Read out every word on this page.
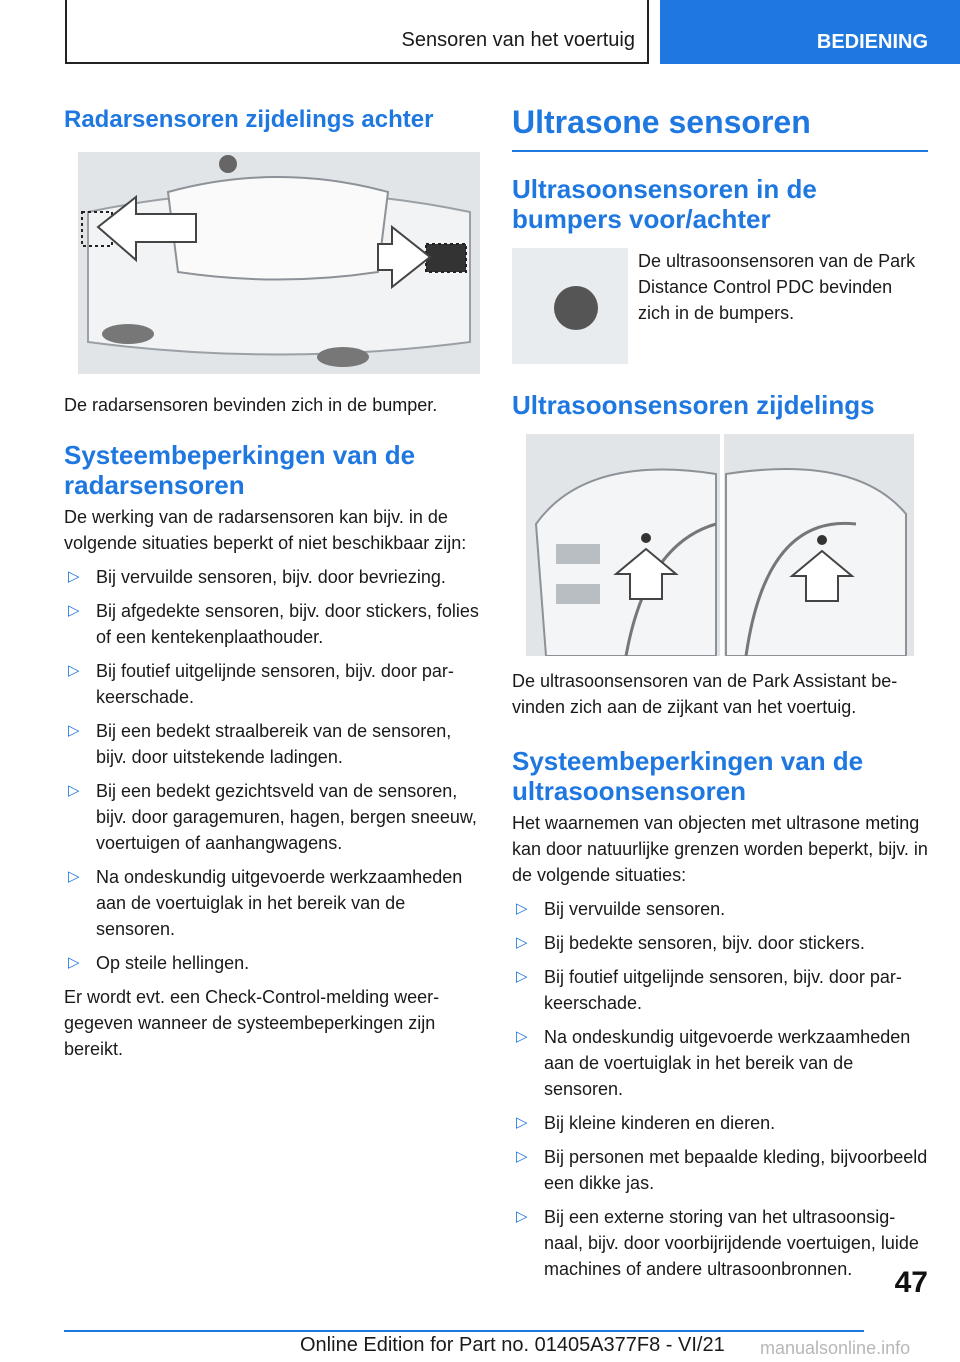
Sensoren van het voertuig	BEDIENING
Radarsensoren zijdelings achter

De radarsensoren bevinden zich in de bumper.

Systeembeperkingen van de radarsensoren

De werking van de radarsensoren kan bijv. in de volgende situaties beperkt of niet beschikbaar zijn:

▷ Bij vervuilde sensoren, bijv. door bevriezing.
▷ Bij afgedekte sensoren, bijv. door stickers, folies of een kentekenplaathouder.
▷ Bij foutief uitgelijnde sensoren, bijv. door parkeerschade.
▷ Bij een bedekt straalbereik van de sensoren, bijv. door uitstekende ladingen.
▷ Bij een bedekt gezichtsveld van de sensoren, bijv. door garagemuren, hagen, bergen sneeuw, voertuigen of aanhangwagens.
▷ Na ondeskundig uitgevoerde werkzaamheden aan de voertuiglak in het bereik van de sensoren.
▷ Op steile hellingen.

Er wordt evt. een Check-Control-melding weergegeven wanneer de systeembeperkingen zijn bereikt.

Ultrasone sensoren
Ultrasoonsensoren in de bumpers voor/achter

De ultrasoonsensoren van de Park Distance Control PDC bevinden zich in de bumpers.

Ultrasoonsensoren zijdelings

De ultrasoonsensoren van de Park Assistant bevinden zich aan de zijkant van het voertuig.

Systeembeperkingen van de ultrasoonsensoren

Het waarnemen van objecten met ultrasone meting kan door natuurlijke grenzen worden beperkt, bijv. in de volgende situaties:

▷ Bij vervuilde sensoren.
▷ Bij bedekte sensoren, bijv. door stickers.
▷ Bij foutief uitgelijnde sensoren, bijv. door parkeerschade.
▷ Na ondeskundig uitgevoerde werkzaamheden aan de voertuiglak in het bereik van de sensoren.
▷ Bij kleine kinderen en dieren.
▷ Bij personen met bepaalde kleding, bijvoorbeeld een dikke jas.
▷ Bij een externe storing van het ultrasoonsignaal, bijv. door voorbijrijdende voertuigen, luide machines of andere ultrasoonbronnen.	47
Online Edition for Part no. 01405A377F8 - VI/21 manualsonline.info
